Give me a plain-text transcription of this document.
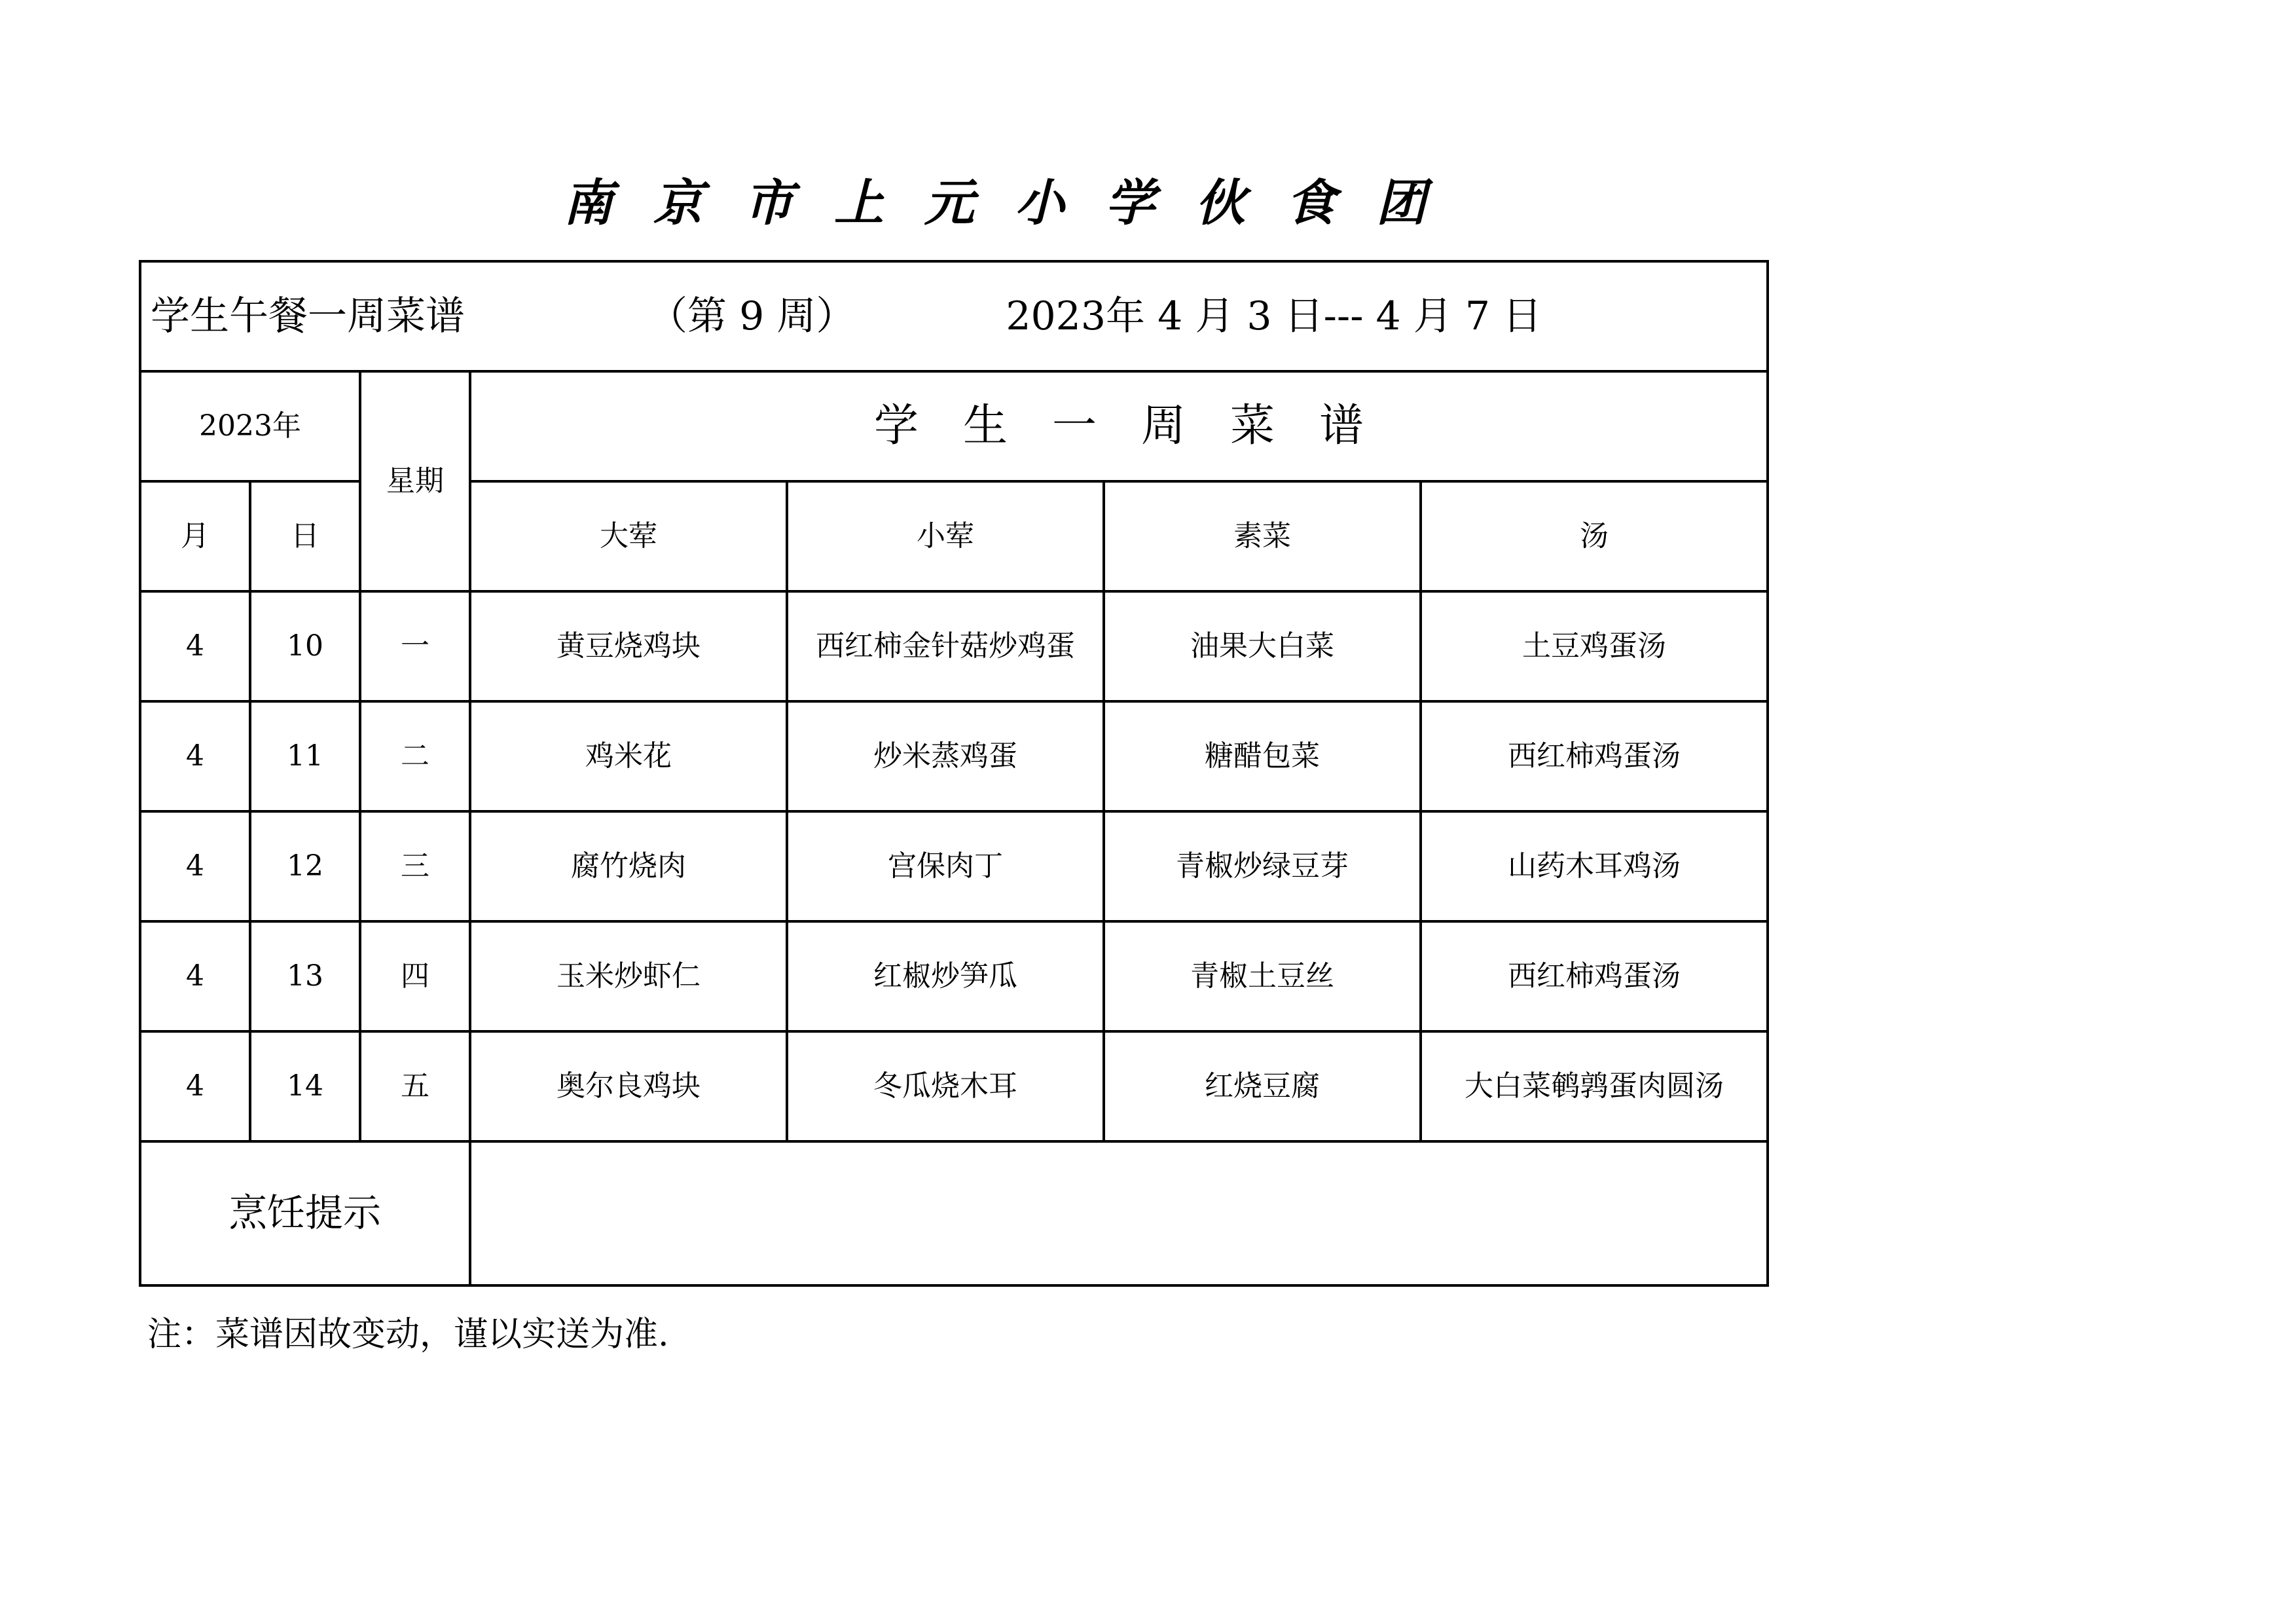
南京市上元小学伙食团
学生午餐一周菜谱 （第 9 周） 2023年 4 月 3 日--- 4 月 7 日						
2023年		星期	学生一周菜谱			
月	日		大荤	小荤	素菜	汤
4	10	一	黄豆烧鸡块	西红柿金针菇炒鸡蛋	油果大白菜	土豆鸡蛋汤
4	11	二	鸡米花	炒米蒸鸡蛋	糖醋包菜	西红柿鸡蛋汤
4	12	三	腐竹烧肉	宫保肉丁	青椒炒绿豆芽	山药木耳鸡汤
4	13	四	玉米炒虾仁	红椒炒笋瓜	青椒土豆丝	西红柿鸡蛋汤
4	14	五	奥尔良鸡块	冬瓜烧木耳	红烧豆腐	大白菜鹌鹑蛋肉圆汤
烹饪提示						
注：菜谱因故变动，谨以实送为准.
